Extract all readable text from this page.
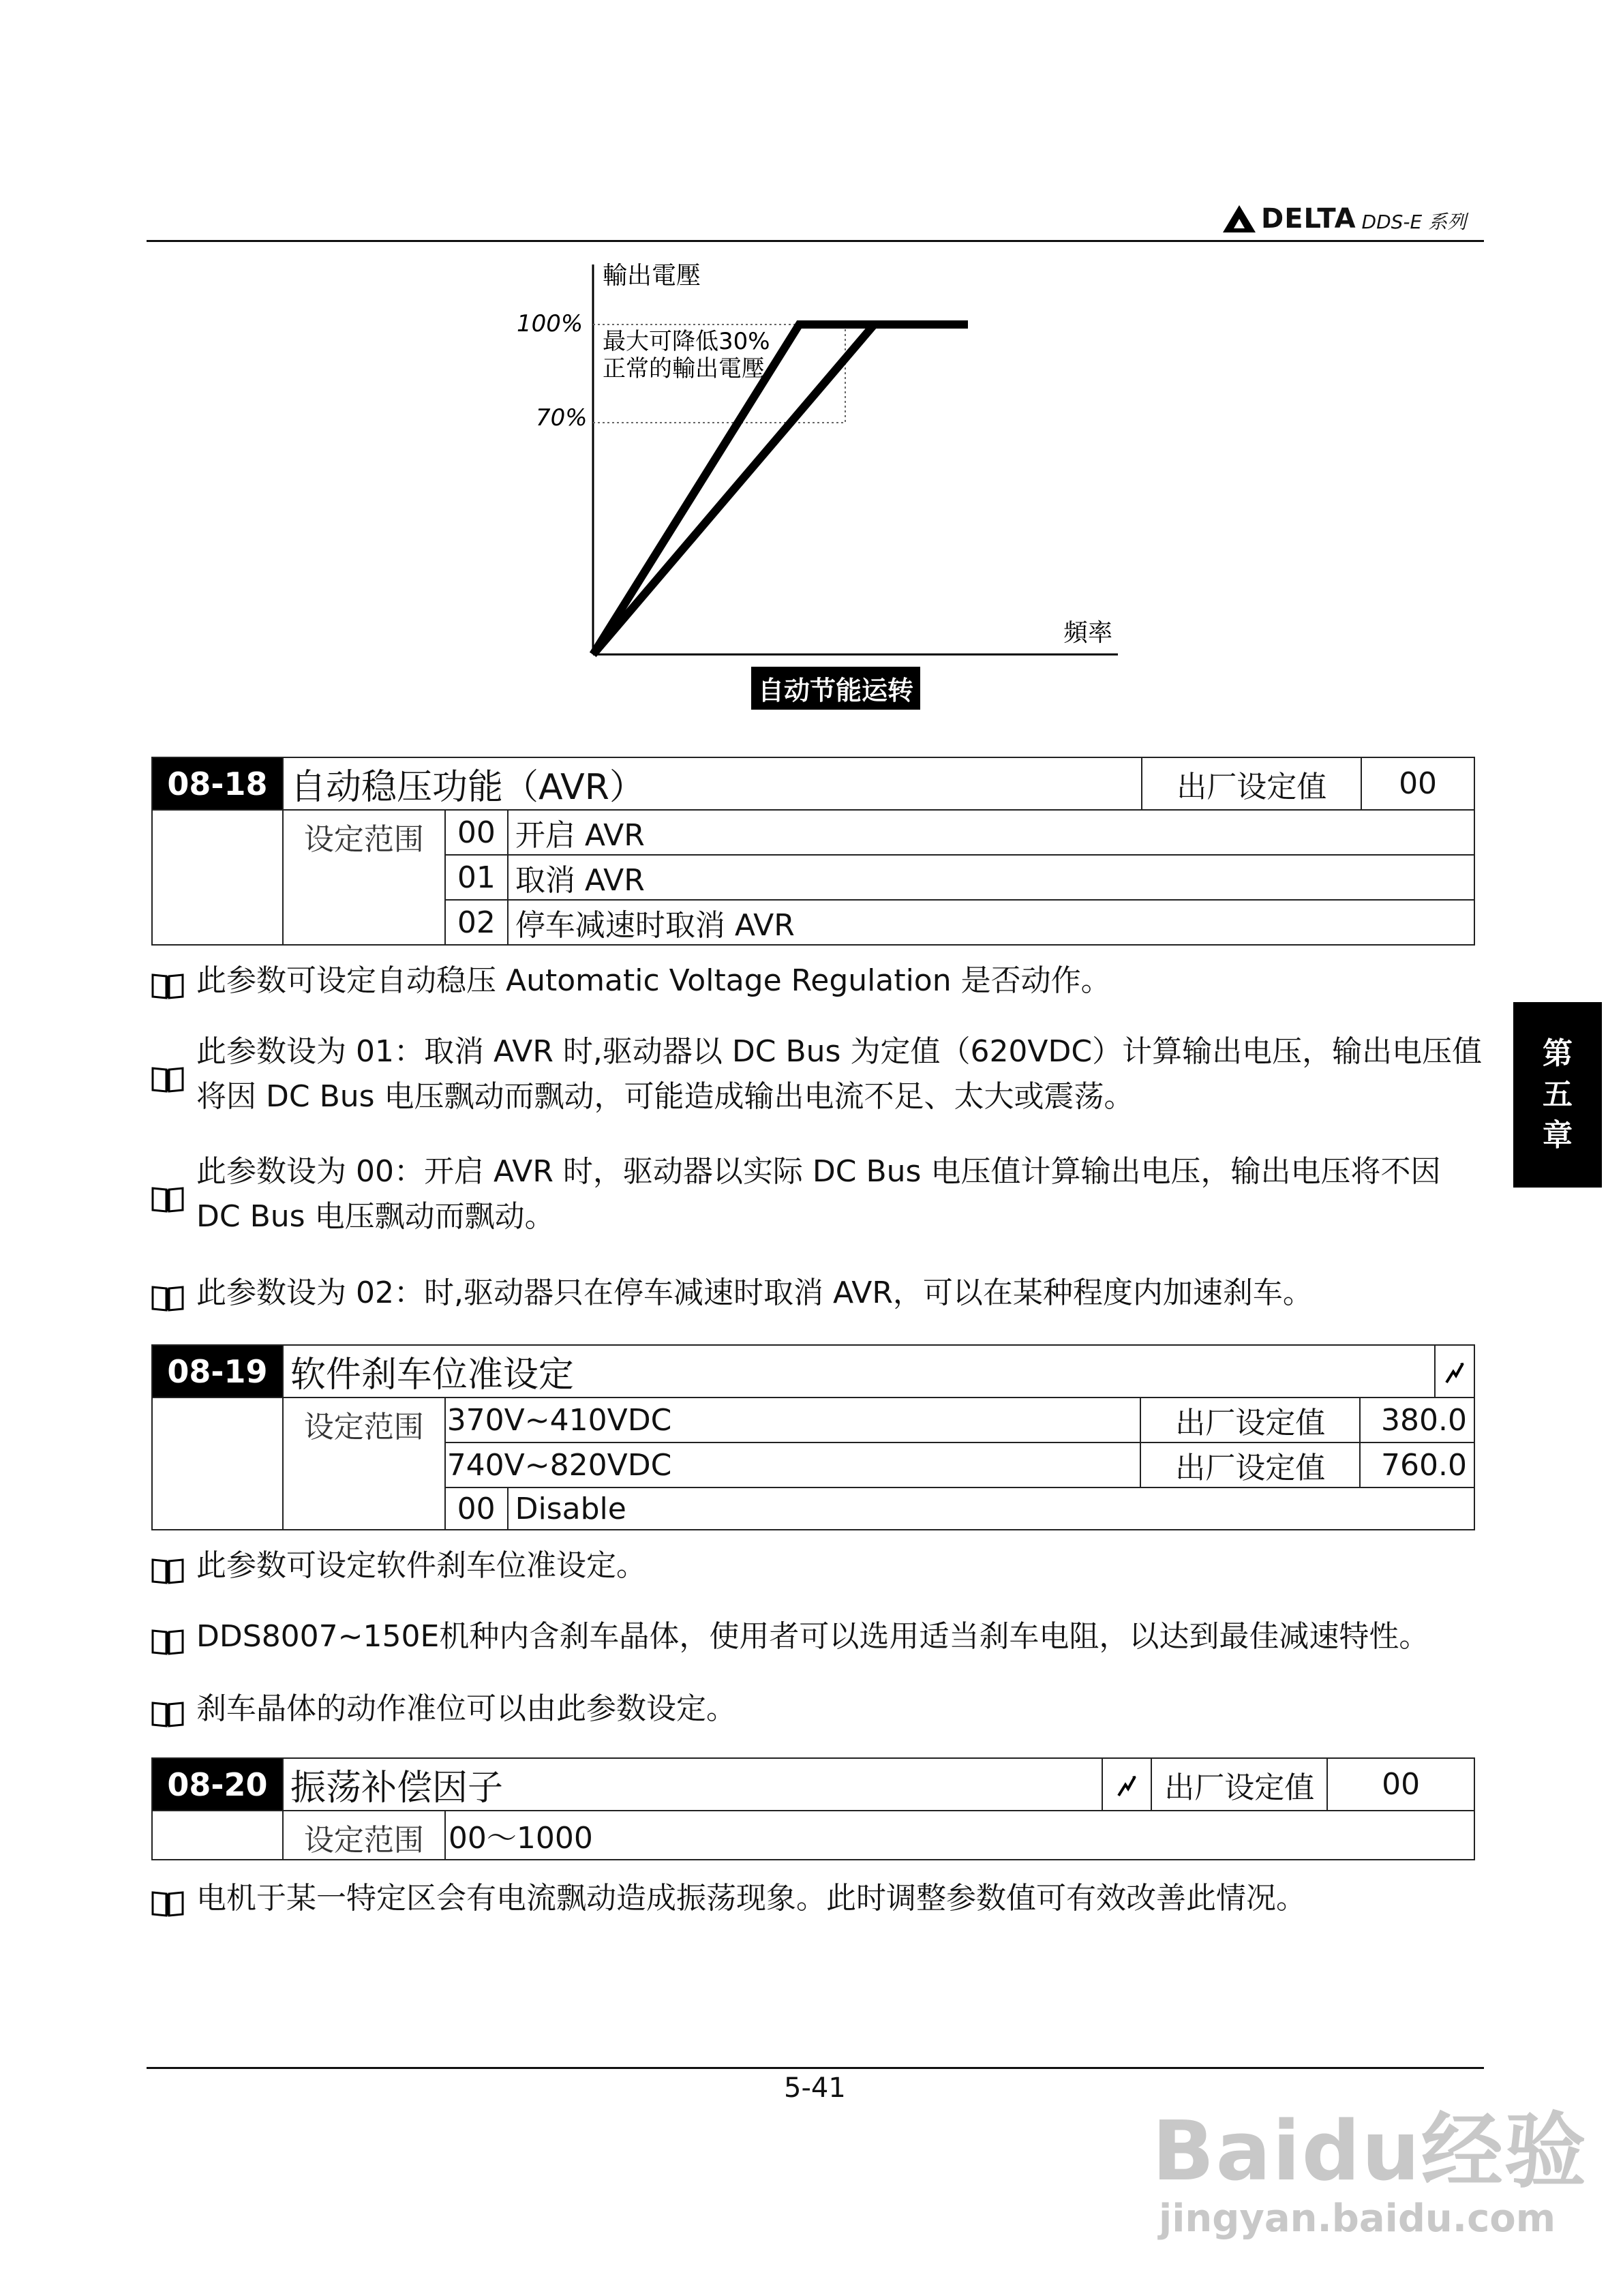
DELTA DDS-E 系列
輸出電壓
頻率
100%
70%
最大可降低30%
正常的輸出電壓
自动节能运转
08-18	自动稳压功能（AVR）			出厂设定值	00
	设定范围	00	开启 AVR		
		01	取消 AVR		
		02	停车减速时取消 AVR		
此参数可设定自动稳压 Automatic Voltage Regulation 是否动作。
此参数设为 01：取消 AVR 时,驱动器以 DC Bus 为定值（620VDC）计算输出电压，输出电压值将因 DC Bus 电压飘动而飘动，可能造成输出电流不足、太大或震荡。
此参数设为 00：开启 AVR 时，驱动器以实际 DC Bus 电压值计算输出电压，输出电压将不因 DC Bus 电压飘动而飘动。
此参数设为 02：时,驱动器只在停车减速时取消 AVR，可以在某种程度内加速刹车。
08-19	软件刹车位准设定	
	设定范围	370V~410VDC		出厂设定值	380.0	
		740V~820VDC		出厂设定值	760.0	
		00	Disable			
此参数可设定软件刹车位准设定。
DDS8007~150E机种内含刹车晶体，使用者可以选用适当刹车电阻，以达到最佳减速特性。
刹车晶体的动作准位可以由此参数设定。
08-20	振荡补偿因子			出厂设定值	00
	设定范围	00～1000			
电机于某一特定区会有电流飘动造成振荡现象。此时调整参数值可有效改善此情况。
第
五
章
5-41
Baidu经验
jingyan.baidu.com
